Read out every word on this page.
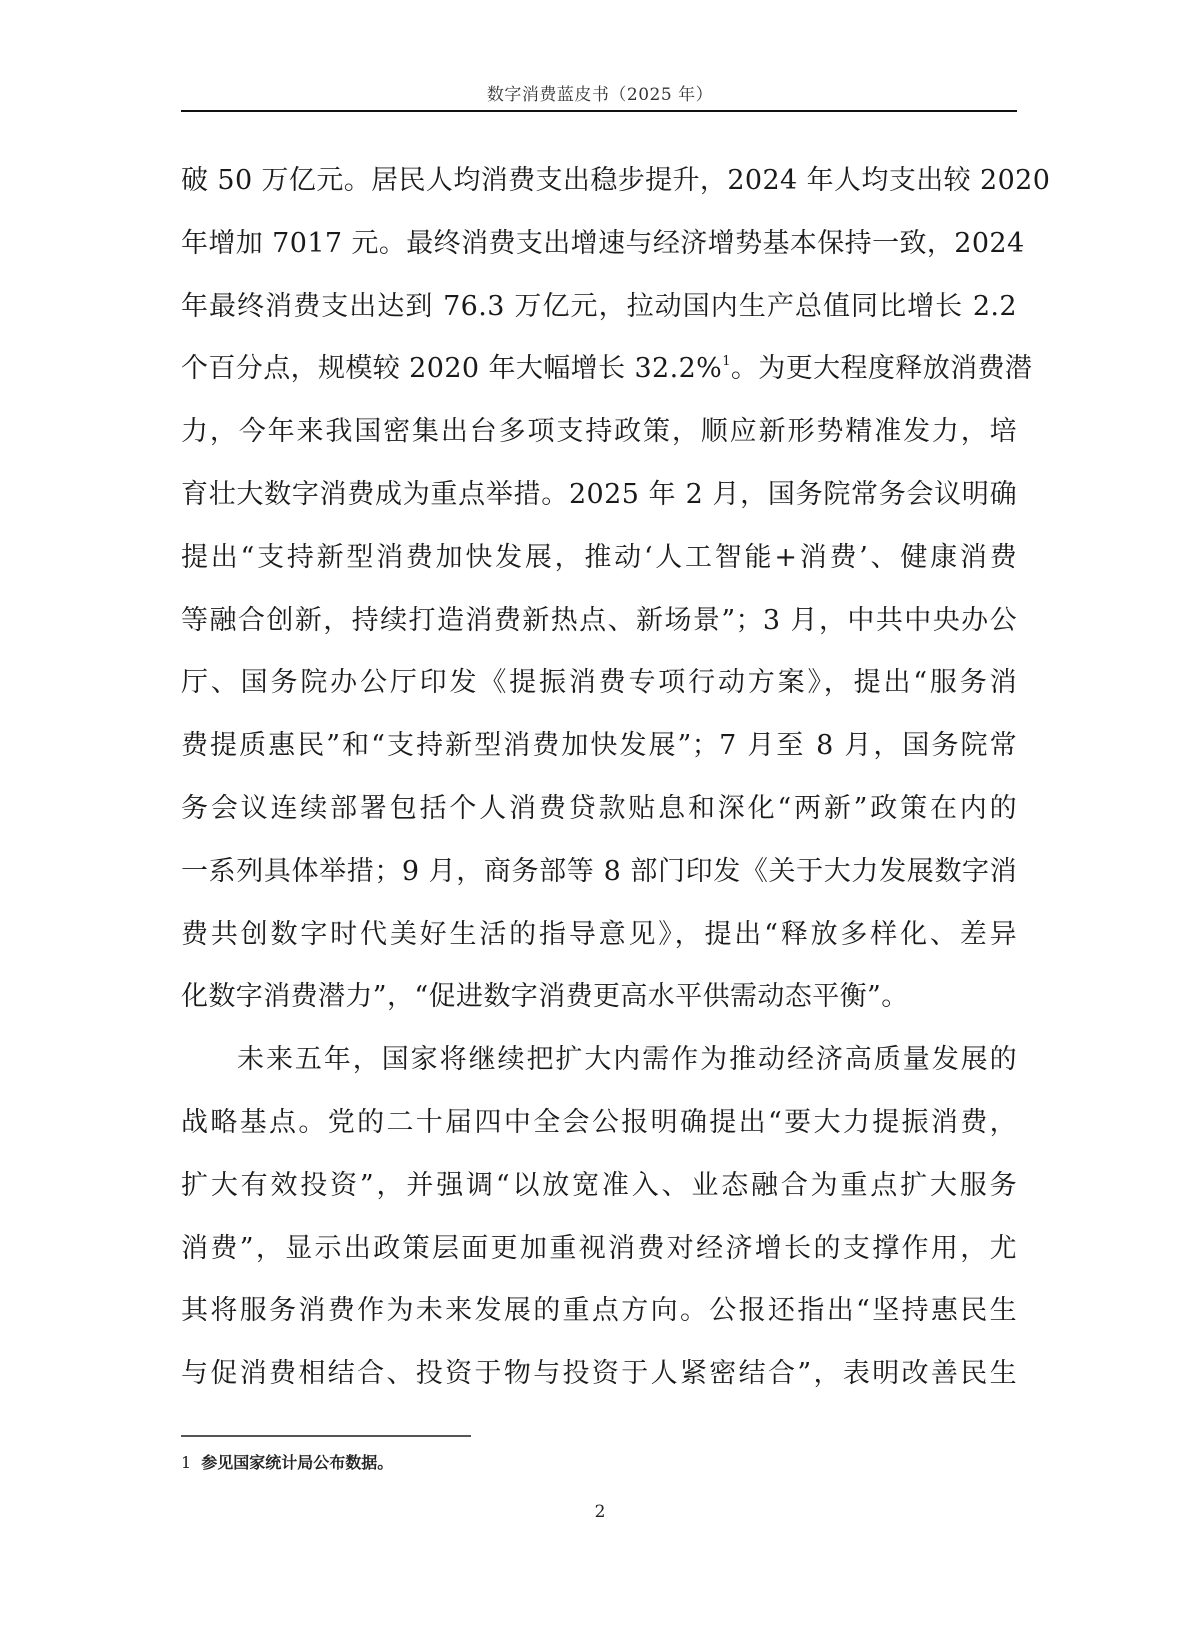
数字消费蓝皮书（2025 年）
破 50 万亿元。居民人均消费支出稳步提升，2024 年人均支出较 2020
年增加 7017 元。最终消费支出增速与经济增势基本保持一致，2024
年最终消费支出达到 76.3 万亿元，拉动国内生产总值同比增长 2.2
个百分点，规模较 2020 年大幅增长 32.2%$^1$。为更大程度释放消费潜
力，今年来我国密集出台多项支持政策，顺应新形势精准发力，培
育壮大数字消费成为重点举措。2025 年 2 月，国务院常务会议明确
提出“支持新型消费加快发展，推动‘人工智能+消费’、健康消费
等融合创新，持续打造消费新热点、新场景”；3 月，中共中央办公
厅、国务院办公厅印发《提振消费专项行动方案》，提出“服务消
费提质惠民”和“支持新型消费加快发展”；7 月至 8 月，国务院常
务会议连续部署包括个人消费贷款贴息和深化“两新”政策在内的
一系列具体举措；9 月，商务部等 8 部门印发《关于大力发展数字消
费共创数字时代美好生活的指导意见》，提出“释放多样化、差异
化数字消费潜力”，“促进数字消费更高水平供需动态平衡”。
未来五年，国家将继续把扩大内需作为推动经济高质量发展的
战略基点。党的二十届四中全会公报明确提出“要大力提振消费，
扩大有效投资”，并强调“以放宽准入、业态融合为重点扩大服务
消费”，显示出政策层面更加重视消费对经济增长的支撑作用，尤
其将服务消费作为未来发展的重点方向。公报还指出“坚持惠民生
与促消费相结合、投资于物与投资于人紧密结合”，表明改善民生
1 参见国家统计局公布数据。
2
